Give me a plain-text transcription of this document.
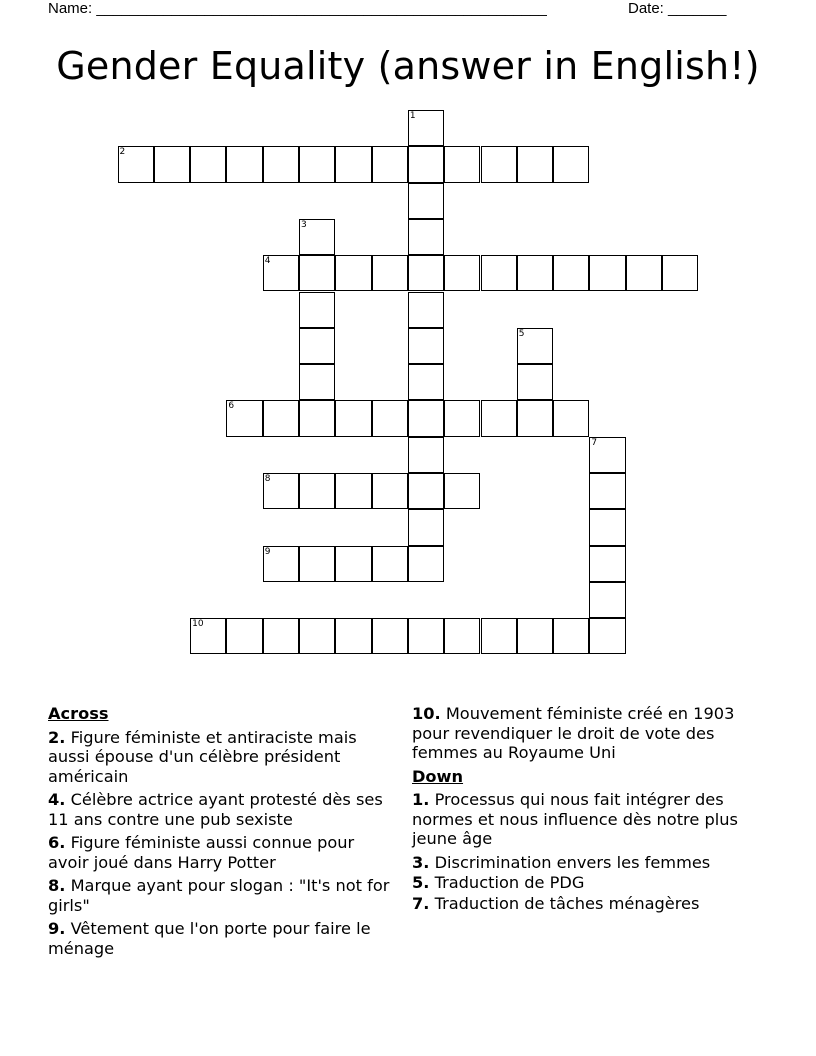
Name: ______________________________________________________	Date: _______
Gender Equality (answer in English!)
1
2
3
4
5
6
7
8
9
10
Across
2. Figure féministe et antiraciste mais aussi épouse d'un célèbre président américain
4. Célèbre actrice ayant protesté dès ses 11 ans contre une pub sexiste
6. Figure féministe aussi connue pour avoir joué dans Harry Potter
8. Marque ayant pour slogan : "It's not for girls"
9. Vêtement que l'on porte pour faire le ménage
10. Mouvement féministe créé en 1903 pour revendiquer le droit de vote des femmes au Royaume Uni
Down
1. Processus qui nous fait intégrer des normes et nous influence dès notre plus jeune âge
3. Discrimination envers les femmes
5. Traduction de PDG
7. Traduction de tâches ménagères
